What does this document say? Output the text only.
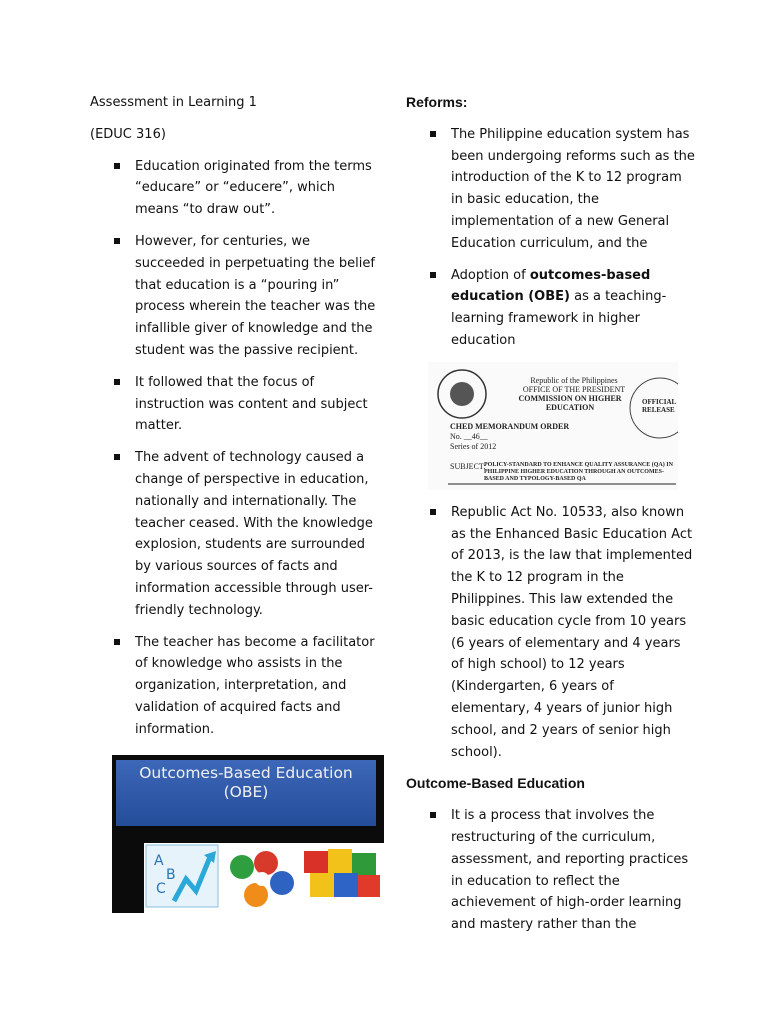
Assessment in Learning 1

(EDUC 316)

Education originated from the terms “educare” or “educere”, which means “to draw out”.
However, for centuries, we succeeded in perpetuating the belief that education is a “pouring in” process wherein the teacher was the infallible giver of knowledge and the student was the passive recipient.
It followed that the focus of instruction was content and subject matter.
The advent of technology caused a change of perspective in education, nationally and internationally. The teacher ceased. With the knowledge explosion, students are surrounded by various sources of facts and information accessible through user-friendly technology.
The teacher has become a facilitator of knowledge who assists in the organization, interpretation, and validation of acquired facts and information.
Outcomes-Based Education
(OBE)
A
B
C

Reforms:

The Philippine education system has been undergoing reforms such as the introduction of the K to 12 program in basic education, the implementation of a new General Education curriculum, and the
Adoption of outcomes-based education (OBE) as a teaching-learning framework in higher education
Republic of the Philippines
OFFICE OF THE PRESIDENT
COMMISSION ON HIGHER EDUCATION
OFFICIAL RELEASE
CHED MEMORANDUM ORDER
No. __46__
Series of 2012
SUBJECT:
POLICY-STANDARD TO ENHANCE QUALITY ASSURANCE (QA) IN PHILIPPINE HIGHER EDUCATION THROUGH AN OUTCOMES-BASED AND TYPOLOGY-BASED QA
Republic Act No. 10533, also known as the Enhanced Basic Education Act of 2013, is the law that implemented the K to 12 program in the Philippines. This law extended the basic education cycle from 10 years (6 years of elementary and 4 years of high school) to 12 years (Kindergarten, 6 years of elementary, 4 years of junior high school, and 2 years of senior high school).

Outcome-Based Education

It is a process that involves the restructuring of the curriculum, assessment, and reporting practices in education to reflect the achievement of high-order learning and mastery rather than the
